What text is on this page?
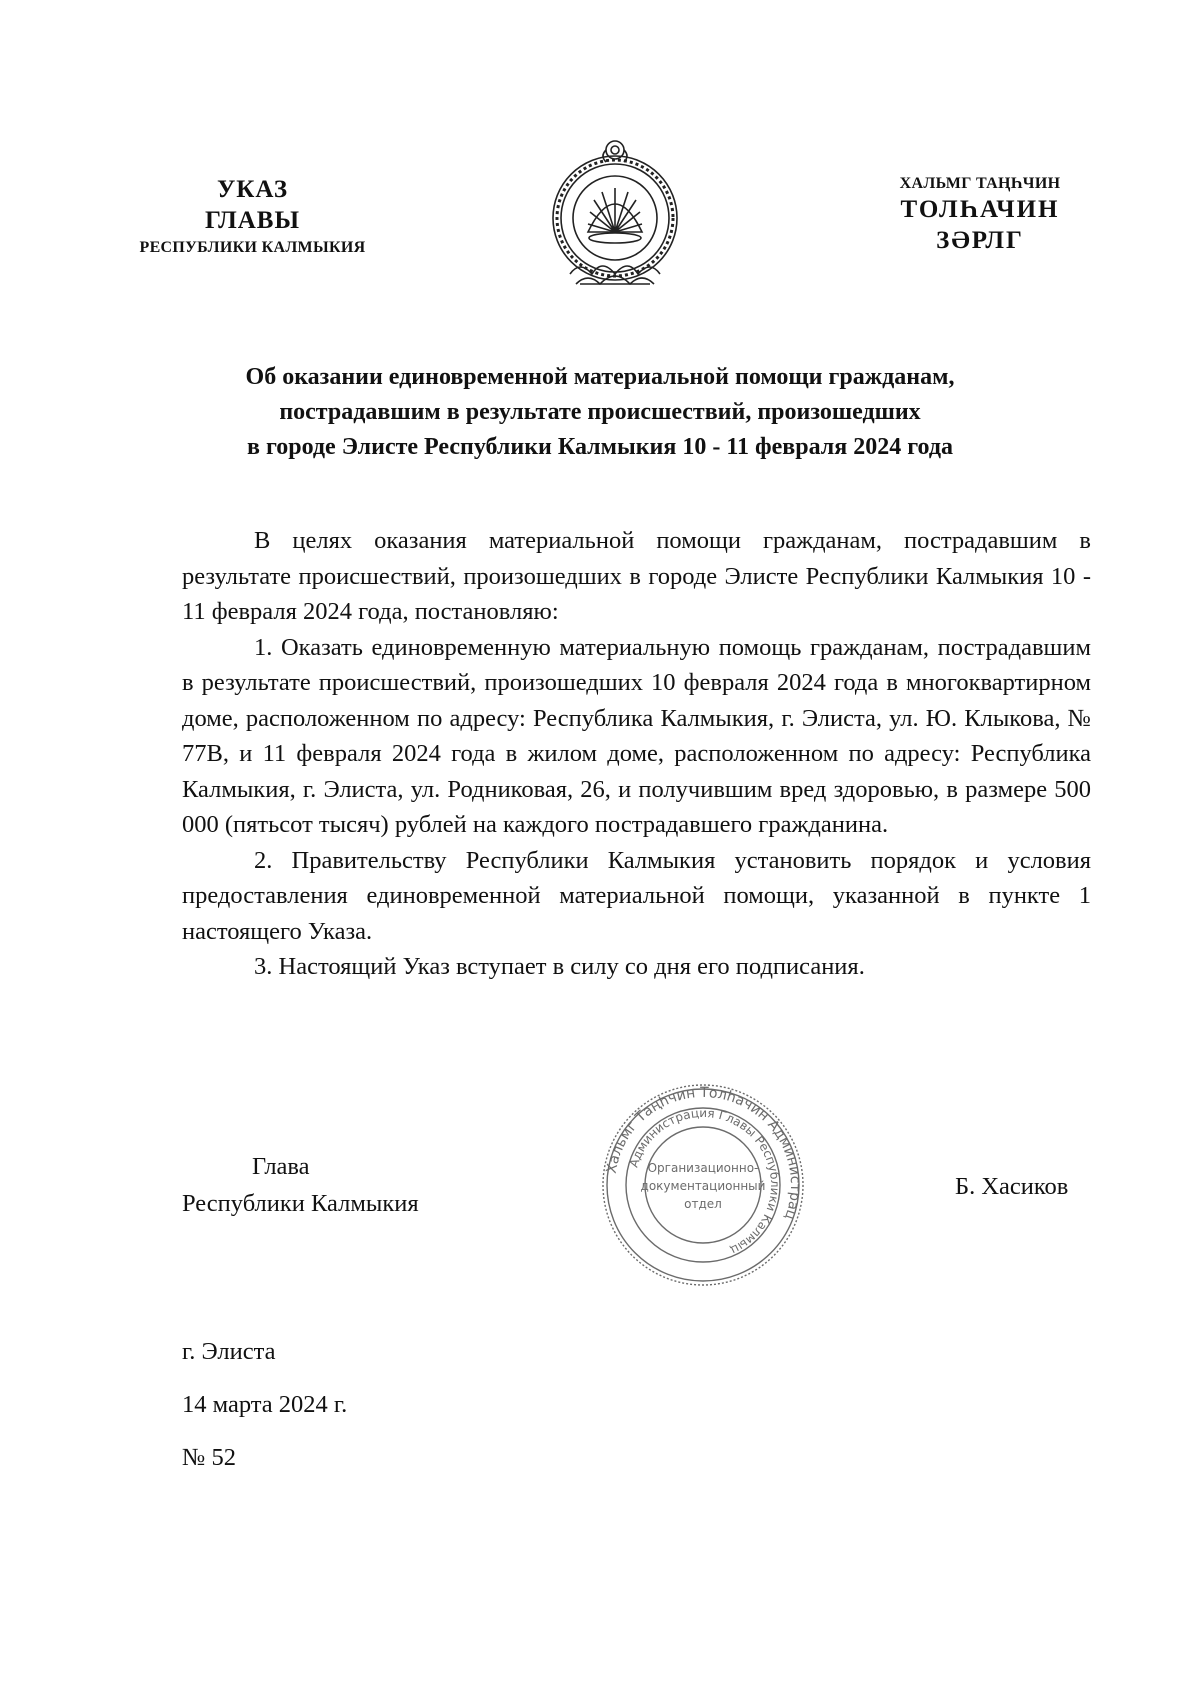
УКАЗ
ГЛАВЫ
РЕСПУБЛИКИ КАЛМЫКИЯ
ХАЛЬМГ ТАҢҺЧИН
ТОЛҺАЧИН
ЗӘРЛГ
Об оказании единовременной материальной помощи гражданам,
пострадавшим в результате происшествий, произошедших
в городе Элисте Республики Калмыкия 10 - 11 февраля 2024 года

В целях оказания материальной помощи гражданам, пострадавшим в результате происшествий, произошедших в городе Элисте Республики Калмыкия 10 - 11 февраля 2024 года, постановляю:

1. Оказать единовременную материальную помощь гражданам, пострадавшим в результате происшествий, произошедших 10 февраля 2024 года в многоквартирном доме, расположенном по адресу: Республика Калмыкия, г. Элиста, ул. Ю. Клыкова, № 77В, и 11 февраля 2024 года в жилом доме, расположенном по адресу: Республика Калмыкия, г. Элиста, ул. Родниковая, 26, и получившим вред здоровью, в размере 500 000 (пятьсот тысяч) рублей на каждого пострадавшего гражданина.

2. Правительству Республики Калмыкия установить порядок и условия предоставления единовременной материальной помощи, указанной в пункте 1 настоящего Указа.

3. Настоящий Указ вступает в силу со дня его подписания.

Глава
Республики Калмыкия
Хальмг Таңһчин Толһачин Администрац
Администрация Главы Республики Калмыц
Организационно-
документационный
отдел
Б. Хасиков
г. Элиста
14 марта 2024 г.
№ 52
